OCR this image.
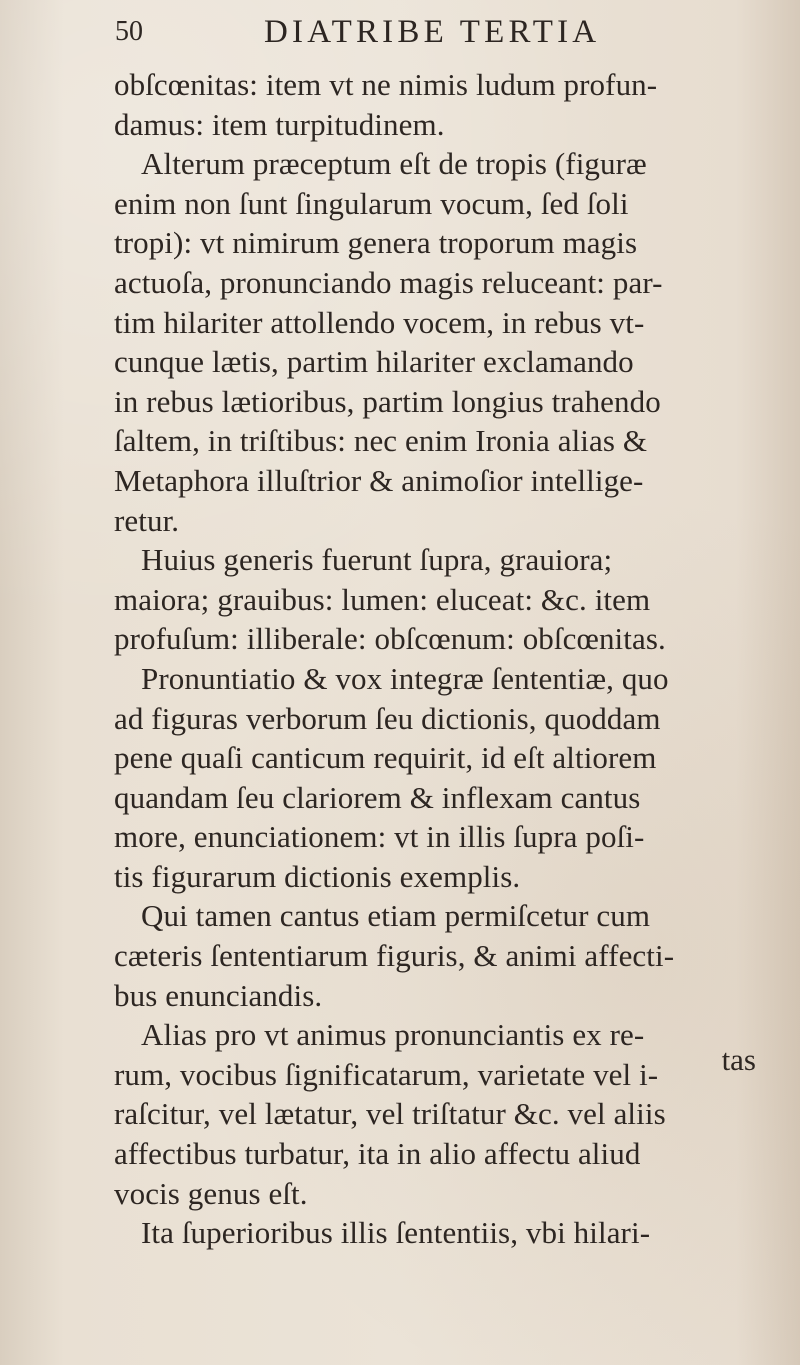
50	DIATRIBE TERTIA
obſcœnitas: item vt ne nimis ludum profun-
damus: item turpitudinem.
Alterum præceptum eſt de tropis (figuræ
enim non ſunt ſingularum vocum, ſed ſoli
tropi): vt nimirum genera troporum magis
actuoſa, pronunciando magis reluceant: par-
tim hilariter attollendo vocem, in rebus vt-
cunque lætis, partim hilariter exclamando
in rebus lætioribus, partim longius trahendo
ſaltem, in triſtibus: nec enim Ironia alias &
Metaphora illuſtrior & animoſior intellige-
retur.
Huius generis fuerunt ſupra, grauiora;
maiora; grauibus: lumen: eluceat: &c. item
profuſum: illiberale: obſcœnum: obſcœnitas.
Pronuntiatio & vox integræ ſententiæ, quo
ad figuras verborum ſeu dictionis, quoddam
pene quaſi canticum requirit, id eſt altiorem
quandam ſeu clariorem & inflexam cantus
more, enunciationem: vt in illis ſupra poſi-
tis figurarum dictionis exemplis.
Qui tamen cantus etiam permiſcetur cum
cæteris ſententiarum figuris, & animi affecti-
bus enunciandis.
Alias pro vt animus pronunciantis ex re-
rum, vocibus ſignificatarum, varietate vel i-
raſcitur, vel lætatur, vel triſtatur &c. vel aliis
affectibus turbatur, ita in alio affectu aliud
vocis genus eſt.
Ita ſuperioribus illis ſententiis, vbi hilari-
tas
